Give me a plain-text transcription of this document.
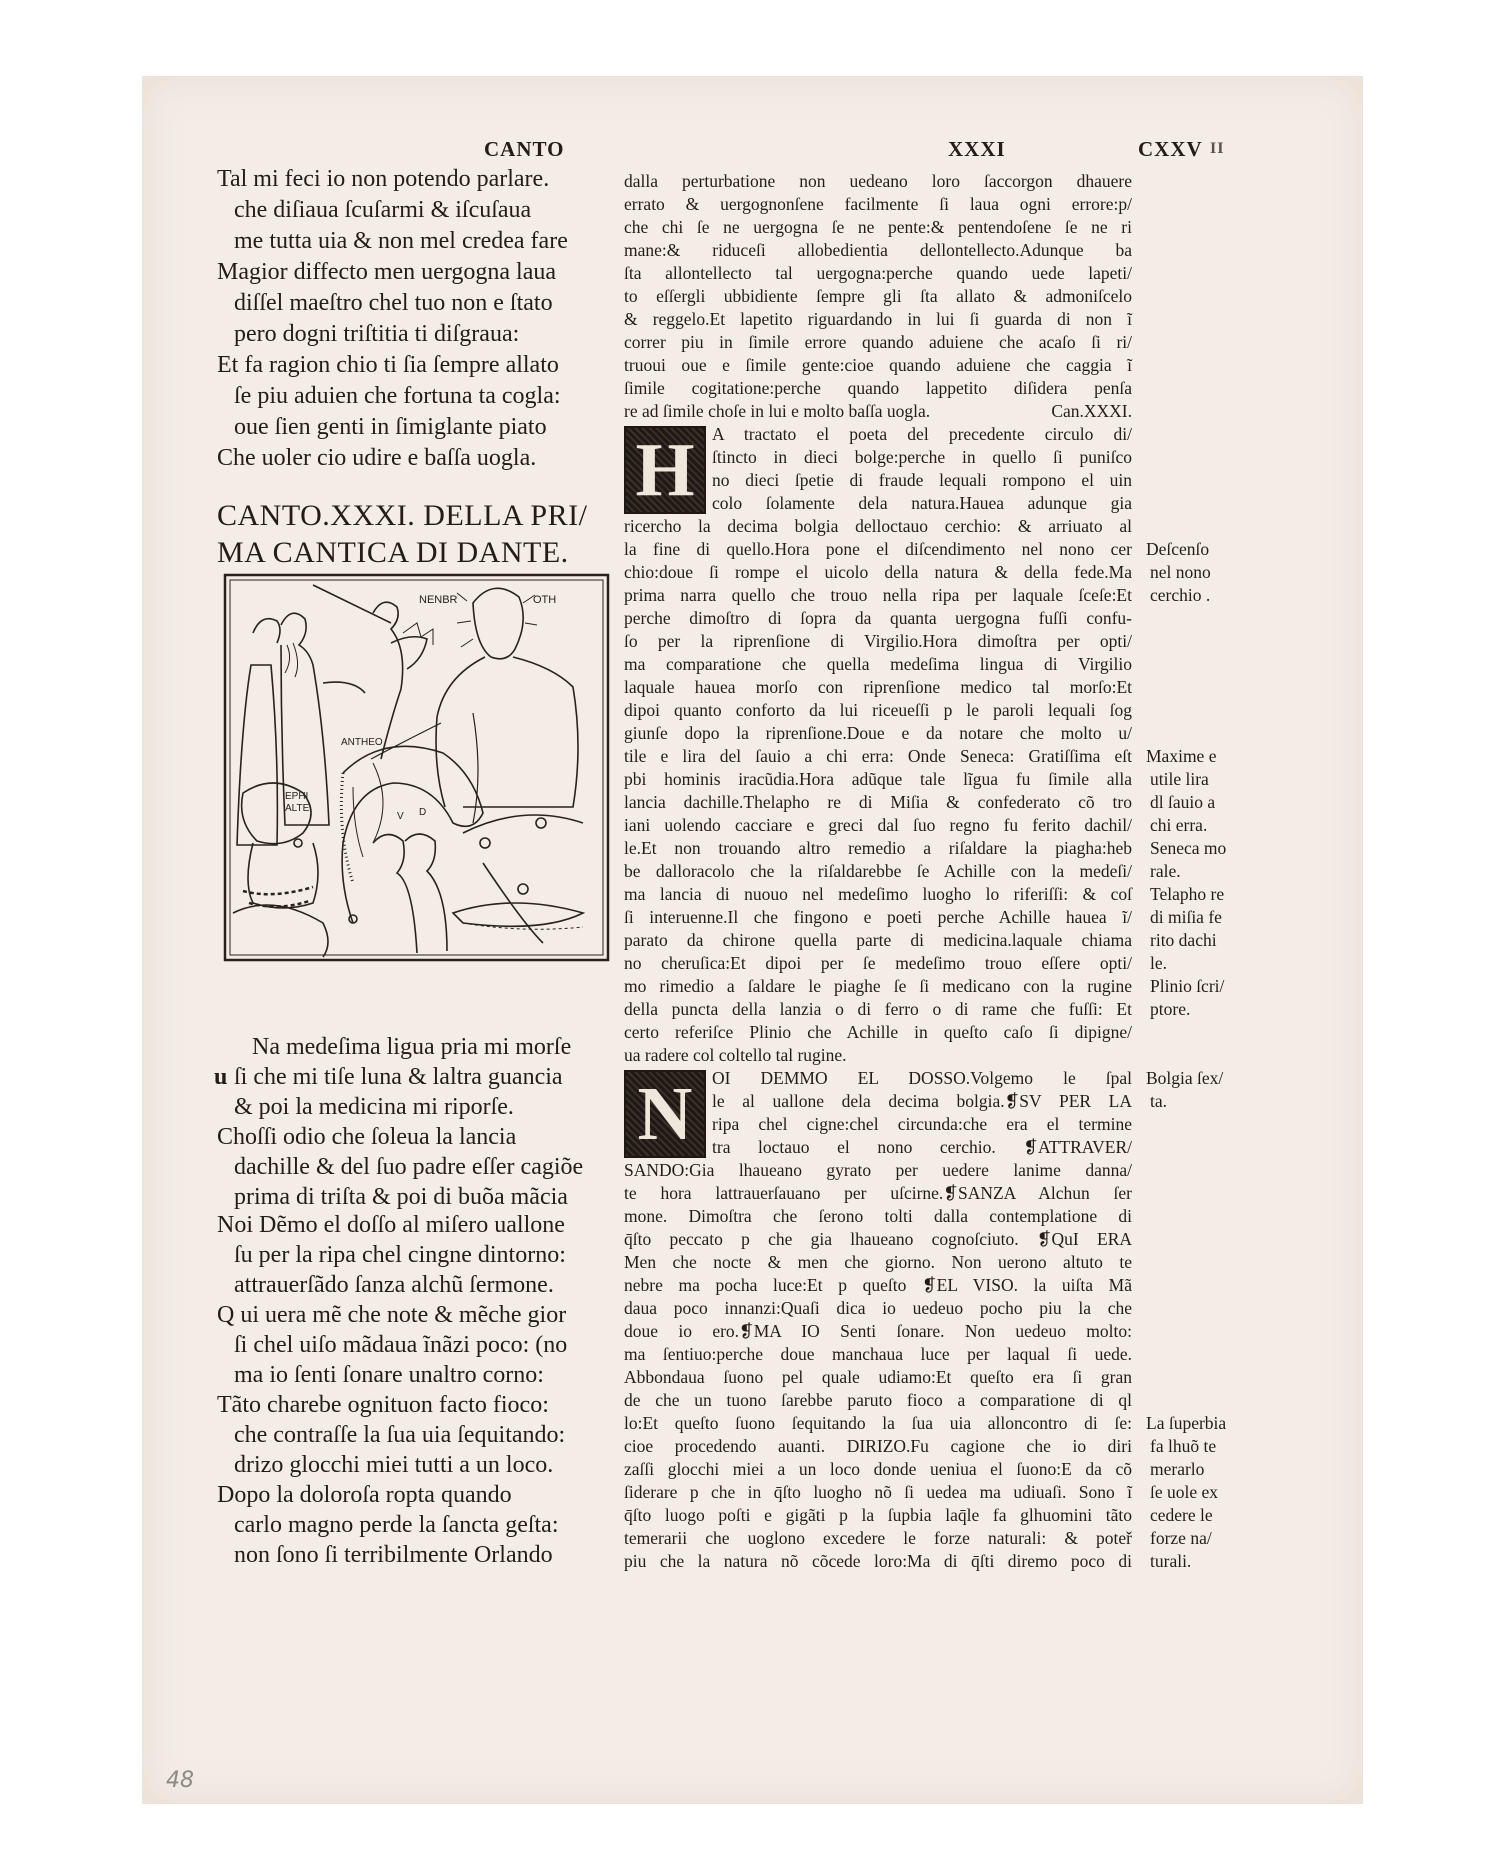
CANTO	XXXI	CXXV II
Tal mi feci io non potendo parlare.
che diſiaua ſcuſarmi & iſcuſaua
me tutta uia & non mel credea fare
Magior diffecto men uergogna laua
diſſel maeſtro chel tuo non e ſtato
pero dogni triſtitia ti diſgraua:
Et fa ragion chio ti ſia ſempre allato
ſe piu aduien che fortuna ta cogla:
oue ſien genti in ſimiglante piato
Che uoler cio udire e baſſa uogla.
CANTO.XXXI. DELLA PRI/
MA CANTICA DI DANTE.
NENBR	OTH
ANTHEO
EPHI
ALTE
V D
u
Na medeſima ligua pria mi morſe
ſi che mi tiſe luna & laltra guancia
& poi la medicina mi riporſe.
Choſſi odio che ſoleua la lancia
dachille & del ſuo padre eſſer cagiõe
prima di triſta & poi di buõa mãcia
Noi Dẽmo el doſſo al miſero uallone
ſu per la ripa chel cingne dintorno:
attrauerſãdo ſanza alchũ ſermone.
Q ui uera mẽ che note & mẽche gior
ſi chel uiſo mãdaua ĩnãzi poco: (no
ma io ſenti ſonare unaltro corno:
Tãto charebe ognituon facto fioco:
che contraſſe la ſua uia ſequitando:
drizo glocchi miei tutti a un loco.
Dopo la doloroſa ropta quando
carlo magno perde la ſancta geſta:
non ſono ſi terribilmente Orlando
H
N
dalla perturbatione non uedeano loro ſaccorgon dhauere
errato & uergognonſene facilmente ſi laua ogni errore:p/
che chi ſe ne uergogna ſe ne pente:& pentendoſene ſe ne ri
mane:& riduceſi allobedientia dellontellecto.Adunque ba
ſta allontellecto tal uergogna:perche quando uede lapeti/
to eſſergli ubbidiente ſempre gli ſta allato & admoniſcelo
& reggelo.Et lapetito riguardando in lui ſi guarda di non ĩ
correr piu in ſimile errore quando aduiene che acaſo ſi ri/
truoui oue e ſimile gente:cioe quando aduiene che caggia ĩ
ſimile cogitatione:perche quando lappetito diſidera penſa
re ad ſimile choſe in lui e molto baſſa uogla.	Can.XXXI.
A tractato el poeta del precedente circulo di/
ſtincto in dieci bolge:perche in quello ſi puniſco
no dieci ſpetie di fraude lequali rompono el uin
colo ſolamente dela natura.Hauea adunque gia
ricercho la decima bolgia delloctauo cerchio: & arriuato al
la fine di quello.Hora pone el diſcendimento nel nono cer
chio:doue ſi rompe el uicolo della natura & della fede.Ma
prima narra quello che trouo nella ripa per laquale ſceſe:Et
perche dimoſtro di ſopra da quanta uergogna fuſſi confu-
ſo per la riprenſione di Virgilio.Hora dimoſtra per opti/
ma comparatione che quella medeſima lingua di Virgilio
laquale hauea morſo con riprenſione medico tal morſo:Et
dipoi quanto conforto da lui riceueſſi p le paroli lequali ſog
giunſe dopo la riprenſione.Doue e da notare che molto u/
tile e lira del ſauio a chi erra: Onde Seneca: Gratiſſima eſt
pbi hominis iracũdia.Hora adũque tale lĩgua fu ſimile alla
lancia dachille.Thelapho re di Miſia & confederato cõ tro
iani uolendo cacciare e greci dal ſuo regno fu ferito dachil/
le.Et non trouando altro remedio a riſaldare la piagha:heb
be dalloracolo che la riſaldarebbe ſe Achille con la medeſi/
ma lancia di nuouo nel medeſimo luogho lo riferiſſi: & coſ
ſi interuenne.Il che fingono e poeti perche Achille hauea ĩ/
parato da chirone quella parte di medicina.laquale chiama
no cheruſica:Et dipoi per ſe medeſimo trouo eſſere opti/
mo rimedio a ſaldare le piaghe ſe ſi medicano con la rugine
della puncta della lanzia o di ferro o di rame che fuſſi: Et
certo referiſce Plinio che Achille in queſto caſo ſi dipigne/
ua radere col coltello tal rugine.
OI DEMMO EL DOSSO.Volgemo le ſpal
le al uallone dela decima bolgia.❡SV PER LA
ripa chel cigne:chel circunda:che era el termine
tra loctauo el nono cerchio. ❡ATTRAVER/
SANDO:Gia lhaueano gyrato per uedere lanime danna/
te hora lattrauerſauano per uſcirne.❡SANZA Alchun ſer
mone. Dimoſtra che ſerono tolti dalla contemplatione di
q̄ſto peccato p che gia lhaueano cognoſciuto. ❡QuI ERA
Men che nocte & men che giorno. Non uerono altuto te
nebre ma pocha luce:Et p queſto ❡EL VISO. la uiſta Mã
daua poco innanzi:Quaſi dica io uedeuo pocho piu la che
doue io ero.❡MA IO Senti ſonare. Non uedeuo molto:
ma ſentiuo:perche doue manchaua luce per laqual ſi uede.
Abbondaua ſuono pel quale udiamo:Et queſto era ſi gran
de che un tuono ſarebbe paruto fioco a comparatione di ql
lo:Et queſto ſuono ſequitando la ſua uia alloncontro di ſe:
cioe procedendo auanti. DIRIZO.Fu cagione che io diri
zaſſi glocchi miei a un loco donde ueniua el ſuono:E da cõ
ſiderare p che in q̄ſto luogho nõ ſi uedea ma udiuaſi. Sono ĩ
q̄ſto luogo poſti e gigãti p la ſupbia laq̄le fa glhuomini tãto
temerarii che uoglono excedere le forze naturali: & poteř
piu che la natura nõ cõcede loro:Ma di q̄ſti diremo poco di
Deſcenſo
nel nono
cerchio .
Maxime e
utile lira
dl ſauio a
chi erra.
Seneca mo
rale.
Telapho re
di miſia fe
rito dachi
le.
Plinio ſcri/
ptore.
Bolgia ſex/
ta.
La ſuperbia
fa lhuõ te
merarlo
ſe uole ex
cedere le
forze na/
turali.
48
